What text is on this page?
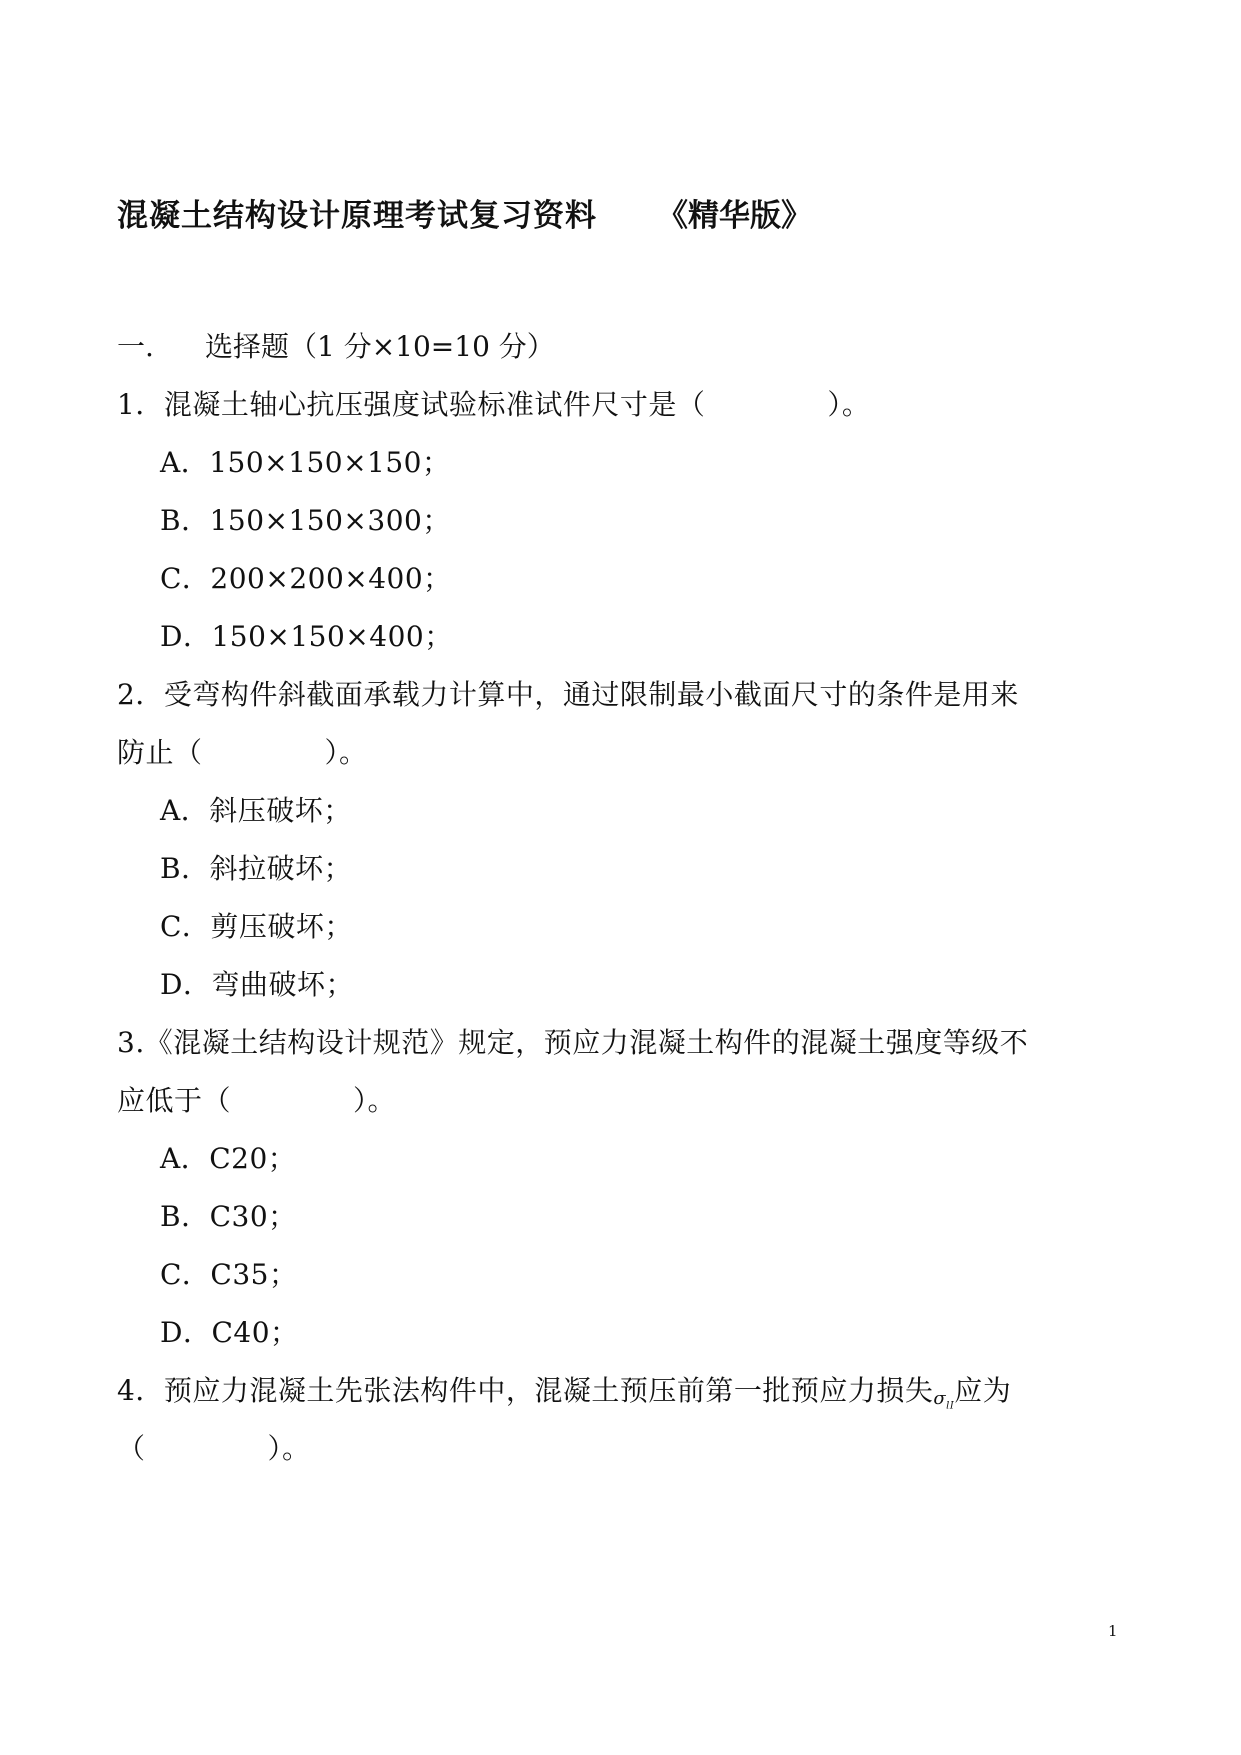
混凝土结构设计原理考试复习资料 《精华版》
一. 选择题（1 分×10=10 分）
1．混凝土轴心抗压强度试验标准试件尺寸是（	）。
A．150×150×150；
B．150×150×300；
C．200×200×400；
D．150×150×400；
2．受弯构件斜截面承载力计算中，通过限制最小截面尺寸的条件是用来
防止（	）。
A．斜压破坏；
B．斜拉破坏；
C．剪压破坏；
D．弯曲破坏；
3.《混凝土结构设计规范》规定，预应力混凝土构件的混凝土强度等级不
应低于（	）。
A．C20；
B．C30；
C．C35；
D．C40；
4．预应力混凝土先张法构件中，混凝土预压前第一批预应力损失$\sigma_{lI}$应为
（	）。
1
